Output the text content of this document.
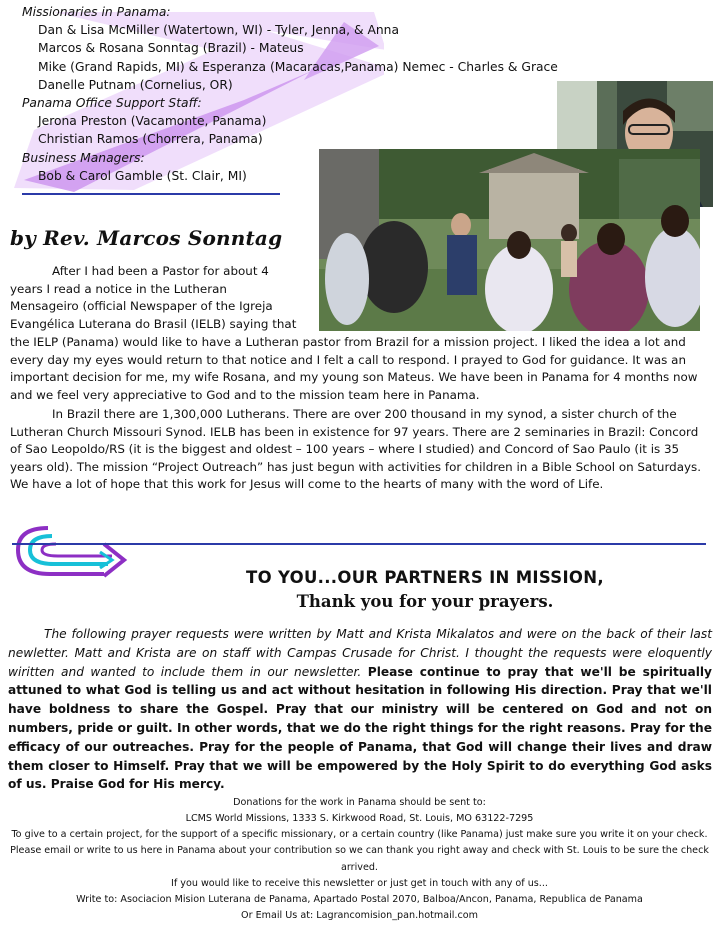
Missionaries in Panama:
Dan & Lisa McMiller (Watertown, WI) - Tyler, Jenna, & Anna
Marcos & Rosana Sonntag (Brazil) - Mateus
Mike (Grand Rapids, MI) & Esperanza (Macaracas,Panama) Nemec - Charles & Grace
Danelle Putnam (Cornelius, OR)
Panama Office Support Staff:
Jerona Preston (Vacamonte, Panama)
Christian Ramos (Chorrera, Panama)
Business Managers:
Bob & Carol Gamble (St. Clair, MI)
by Rev. Marcos Sonntag
After I had been a Pastor for about 4
years I read a notice in the Lutheran
Mensageiro (official Newspaper of the Igreja
Evangélica Luterana do Brasil (IELB) saying that
the IELP (Panama) would like to have a Lutheran pastor from Brazil for a mission project. I liked the idea a lot and every day my eyes would return to that notice and I felt a call to respond. I prayed to God for guidance. It was an important decision for me, my wife Rosana, and my young son Mateus. We have been in Panama for 4 months now and we feel very appreciative to God and to the mission team here in Panama.
In Brazil there are 1,300,000 Lutherans. There are over 200 thousand in my synod, a sister church of the Lutheran Church Missouri Synod. IELB has been in existence for 97 years. There are 2 seminaries in Brazil: Concord of Sao Leopoldo/RS (it is the biggest and oldest – 100 years – where I studied) and Concord of Sao Paulo (it is 35 years old). The mission “Project Outreach” has just begun with activities for children in a Bible School on Saturdays. We have a lot of hope that this work for Jesus will come to the hearts of many with the word of Life.
TO YOU...OUR PARTNERS IN MISSION,
Thank you for your prayers.
The following prayer requests were written by Matt and Krista Mikalatos and were on the back of their last newletter. Matt and Krista are on staff with Campas Crusade for Christ. I thought the requests were eloquently wiritten and wanted to include them in our newsletter. Please continue to pray that we'll be spiritually attuned to what God is telling us and act without hesitation in following His direction. Pray that we'll have boldness to share the Gospel. Pray that our ministry will be centered on God and not on numbers, pride or guilt. In other words, that we do the right things for the right reasons. Pray for the efficacy of our outreaches. Pray for the people of Panama, that God will change their lives and draw them closer to Himself. Pray that we will be empowered by the Holy Spirit to do everything God asks of us. Praise God for His mercy.
Donations for the work in Panama should be sent to:
LCMS World Missions, 1333 S. Kirkwood Road, St. Louis, MO 63122-7295
To give to a certain project, for the support of a specific missionary, or a certain country (like Panama) just make sure you write it on your check. Please email or write to us here in Panama about your contribution so we can thank you right away and check with St. Louis to be sure the check arrived.
If you would like to receive this newsletter or just get in touch with any of us...
Write to: Asociacion Mision Luterana de Panama, Apartado Postal 2070, Balboa/Ancon, Panama, Republica de Panama
Or Email Us at: Lagrancomision_pan.hotmail.com
